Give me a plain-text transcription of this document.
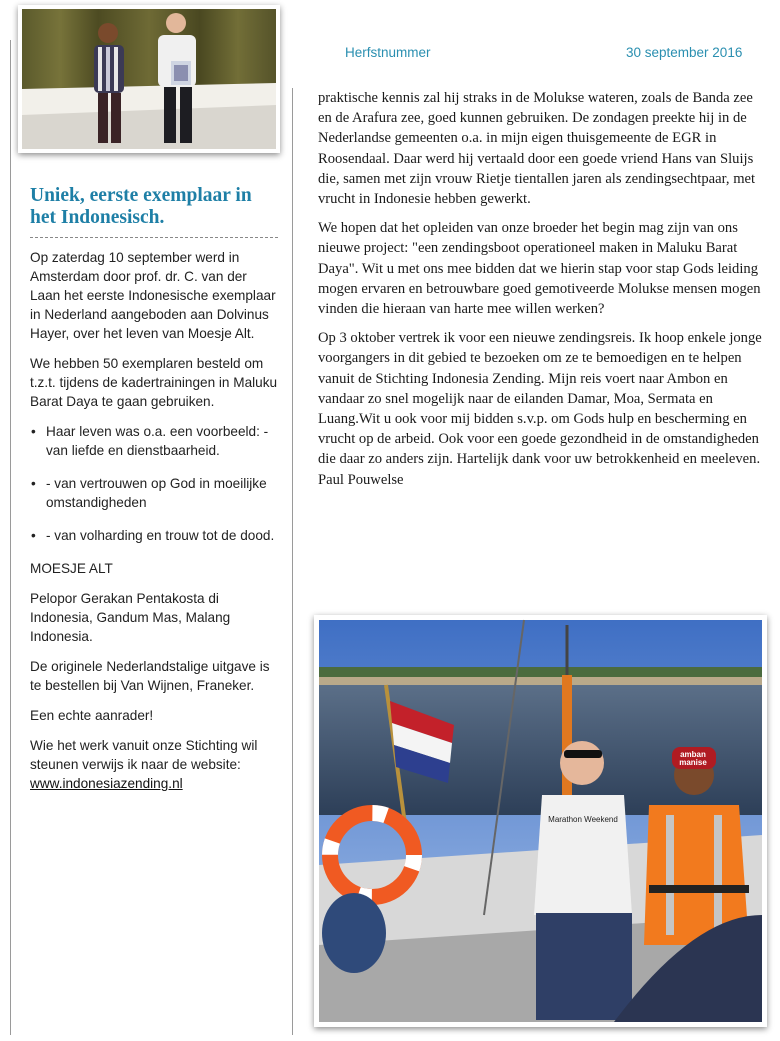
Herfstnummer	30 september 2016
Uniek, eerste exemplaar in het Indonesisch.

Op zaterdag 10 september werd in Amsterdam door prof. dr. C. van der Laan het eerste Indonesische exemplaar in Nederland aangeboden aan Dolvinus Hayer, over het leven van Moesje Alt.

We hebben 50 exemplaren besteld om t.z.t. tijdens de kadertrainingen in Maluku Barat Daya te gaan gebruiken.

• Haar leven was o.a. een voorbeeld: - van liefde en dienstbaarheid.
• - van vertrouwen op God in moeilijke omstandigheden
• - van volharding en trouw tot de dood.

MOESJE ALT

Pelopor Gerakan Pentakosta di Indonesia, Gandum Mas, Malang Indonesia.

De originele Nederlandstalige uitgave is te bestellen bij Van Wijnen, Franeker.

Een echte aanrader!

Wie het werk vanuit onze Stichting wil steunen verwijs ik naar de website:

www.indonesiazending.nl

praktische kennis zal hij straks in de Molukse wateren, zoals de Banda zee en de Arafura zee, goed kunnen gebruiken. De zondagen preekte hij in de Nederlandse gemeenten o.a. in mijn eigen thuisgemeente de EGR in Roosendaal. Daar werd hij vertaald door een goede vriend Hans van Sluijs die, samen met zijn vrouw Rietje tientallen jaren als zendingsechtpaar, met vrucht in Indonesie hebben gewerkt.

We hopen dat het opleiden van onze broeder het begin mag zijn van ons nieuwe project: "een zendingsboot operationeel maken in Maluku Barat Daya". Wit u met ons mee bidden dat we hierin stap voor stap Gods leiding mogen ervaren en betrouwbare goed gemotiveerde Molukse mensen mogen vinden die hieraan van harte mee willen werken?

Op 3 oktober vertrek ik voor een nieuwe zendingsreis. Ik hoop enkele jonge voorgangers in dit gebied te bezoeken om ze te bemoedigen en te helpen vanuit de Stichting Indonesia Zending. Mijn reis voert naar Ambon en vandaar zo snel mogelijk naar de eilanden Damar, Moa, Sermata en Luang.Wit u ook voor mij bidden s.v.p. om Gods hulp en bescherming en vrucht op de arbeid. Ook voor een goede gezondheid in de omstandigheden die daar zo anders zijn. Hartelijk dank voor uw betrokkenheid en meeleven. Paul Pouwelse

amban manise
Marathon Weekend
